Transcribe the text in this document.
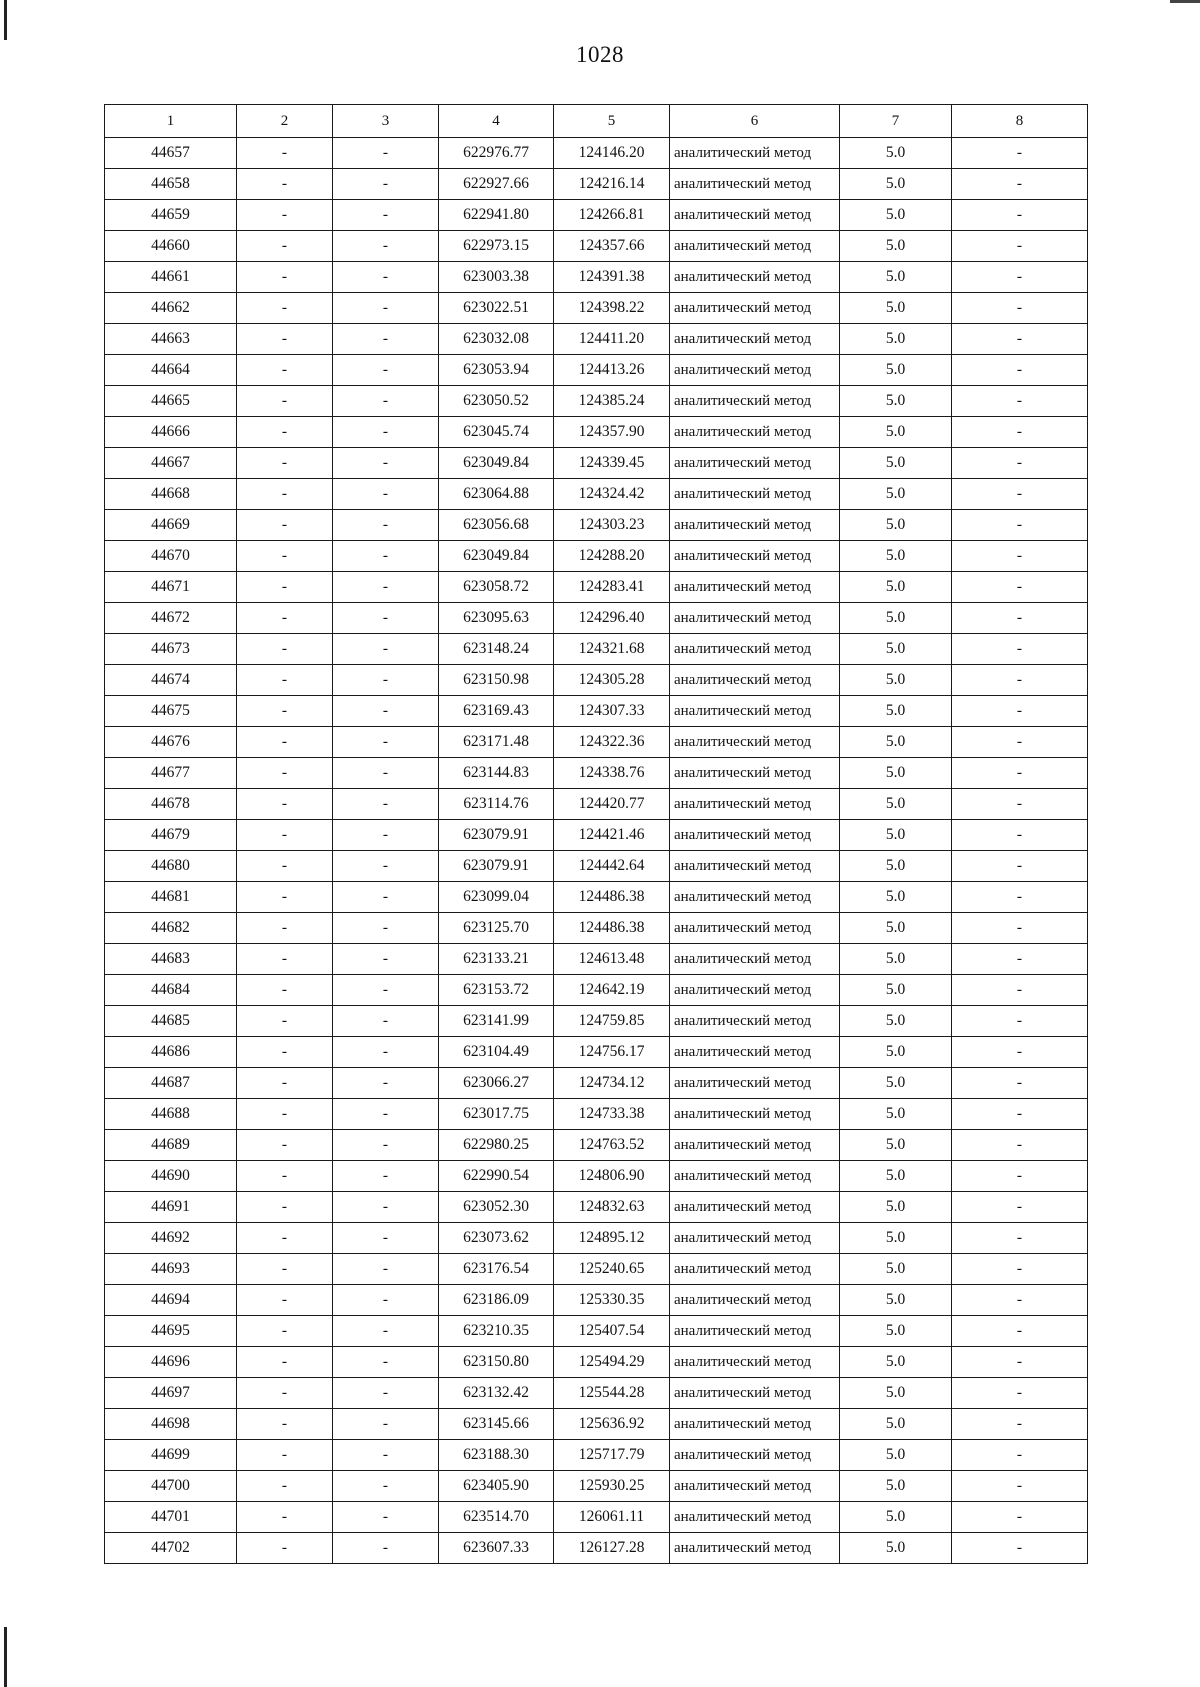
1028
1	2	3	4	5	6	7	8
44657	-	-	622976.77	124146.20	аналитический метод	5.0	-
44658	-	-	622927.66	124216.14	аналитический метод	5.0	-
44659	-	-	622941.80	124266.81	аналитический метод	5.0	-
44660	-	-	622973.15	124357.66	аналитический метод	5.0	-
44661	-	-	623003.38	124391.38	аналитический метод	5.0	-
44662	-	-	623022.51	124398.22	аналитический метод	5.0	-
44663	-	-	623032.08	124411.20	аналитический метод	5.0	-
44664	-	-	623053.94	124413.26	аналитический метод	5.0	-
44665	-	-	623050.52	124385.24	аналитический метод	5.0	-
44666	-	-	623045.74	124357.90	аналитический метод	5.0	-
44667	-	-	623049.84	124339.45	аналитический метод	5.0	-
44668	-	-	623064.88	124324.42	аналитический метод	5.0	-
44669	-	-	623056.68	124303.23	аналитический метод	5.0	-
44670	-	-	623049.84	124288.20	аналитический метод	5.0	-
44671	-	-	623058.72	124283.41	аналитический метод	5.0	-
44672	-	-	623095.63	124296.40	аналитический метод	5.0	-
44673	-	-	623148.24	124321.68	аналитический метод	5.0	-
44674	-	-	623150.98	124305.28	аналитический метод	5.0	-
44675	-	-	623169.43	124307.33	аналитический метод	5.0	-
44676	-	-	623171.48	124322.36	аналитический метод	5.0	-
44677	-	-	623144.83	124338.76	аналитический метод	5.0	-
44678	-	-	623114.76	124420.77	аналитический метод	5.0	-
44679	-	-	623079.91	124421.46	аналитический метод	5.0	-
44680	-	-	623079.91	124442.64	аналитический метод	5.0	-
44681	-	-	623099.04	124486.38	аналитический метод	5.0	-
44682	-	-	623125.70	124486.38	аналитический метод	5.0	-
44683	-	-	623133.21	124613.48	аналитический метод	5.0	-
44684	-	-	623153.72	124642.19	аналитический метод	5.0	-
44685	-	-	623141.99	124759.85	аналитический метод	5.0	-
44686	-	-	623104.49	124756.17	аналитический метод	5.0	-
44687	-	-	623066.27	124734.12	аналитический метод	5.0	-
44688	-	-	623017.75	124733.38	аналитический метод	5.0	-
44689	-	-	622980.25	124763.52	аналитический метод	5.0	-
44690	-	-	622990.54	124806.90	аналитический метод	5.0	-
44691	-	-	623052.30	124832.63	аналитический метод	5.0	-
44692	-	-	623073.62	124895.12	аналитический метод	5.0	-
44693	-	-	623176.54	125240.65	аналитический метод	5.0	-
44694	-	-	623186.09	125330.35	аналитический метод	5.0	-
44695	-	-	623210.35	125407.54	аналитический метод	5.0	-
44696	-	-	623150.80	125494.29	аналитический метод	5.0	-
44697	-	-	623132.42	125544.28	аналитический метод	5.0	-
44698	-	-	623145.66	125636.92	аналитический метод	5.0	-
44699	-	-	623188.30	125717.79	аналитический метод	5.0	-
44700	-	-	623405.90	125930.25	аналитический метод	5.0	-
44701	-	-	623514.70	126061.11	аналитический метод	5.0	-
44702	-	-	623607.33	126127.28	аналитический метод	5.0	-
